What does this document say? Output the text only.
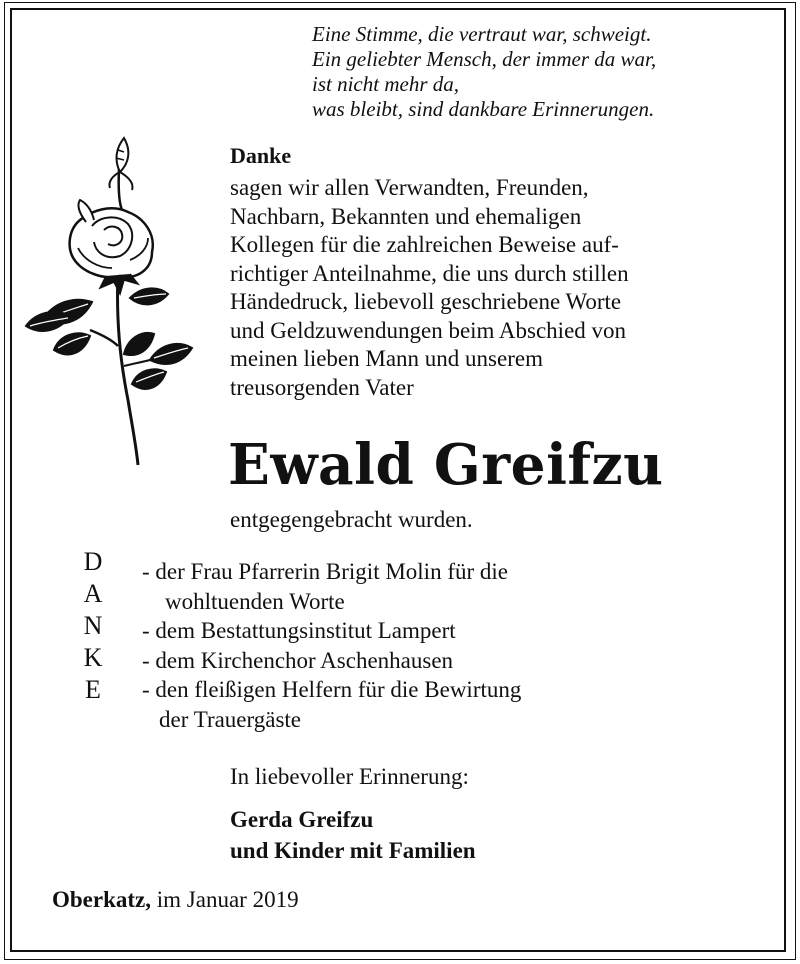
Eine Stimme, die vertraut war, schweigt.
Ein geliebter Mensch, der immer da war,
ist nicht mehr da,
was bleibt, sind dankbare Erinnerungen.
Danke
sagen wir allen Verwandten, Freunden,
Nachbarn, Bekannten und ehemaligen
Kollegen für die zahlreichen Beweise auf-
richtiger Anteilnahme, die uns durch stillen
Händedruck, liebevoll geschriebene Worte
und Geldzuwendungen beim Abschied von
meinen lieben Mann und unserem
treusorgenden Vater
Ewald Greifzu
entgegengebracht wurden.
D
A
N
K
E
- der Frau Pfarrerin Brigit Molin für die
wohltuenden Worte
- dem Bestattungsinstitut Lampert
- dem Kirchenchor Aschenhausen
- den fleißigen Helfern für die Bewirtung
der Trauergäste
In liebevoller Erinnerung:
Gerda Greifzu
und Kinder mit Familien
Oberkatz, im Januar 2019
